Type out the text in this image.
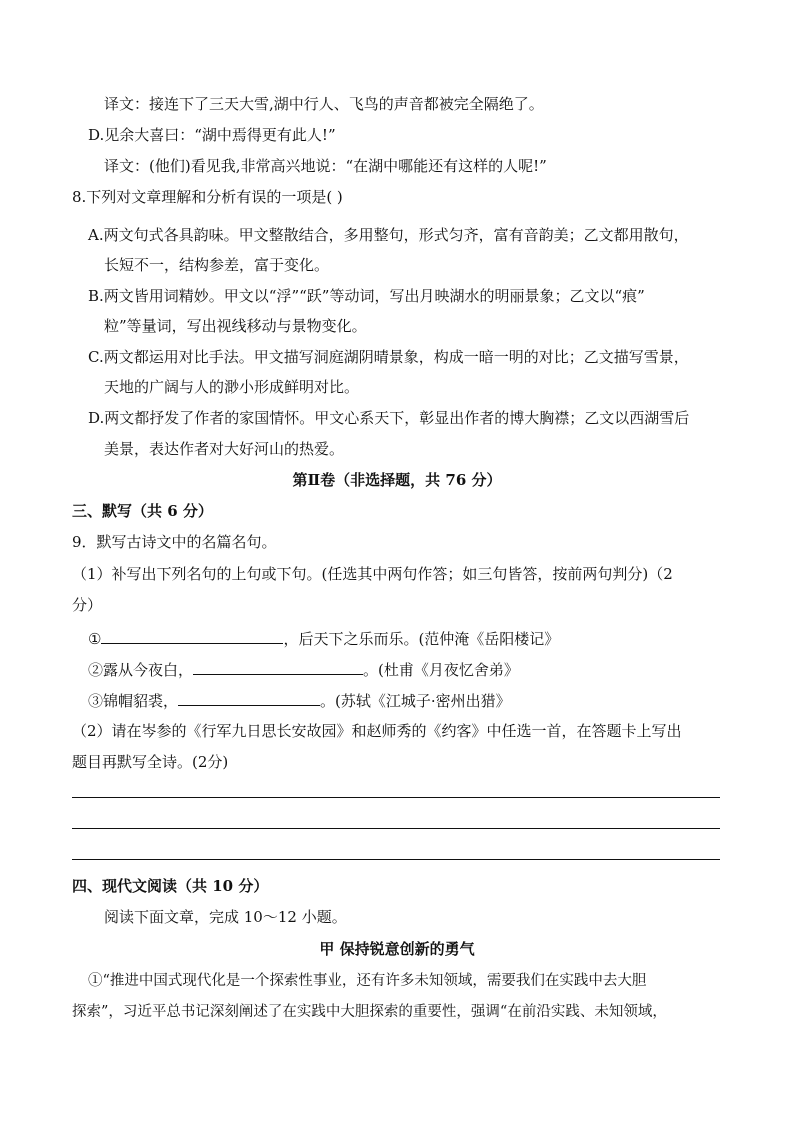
译文：接连下了三天大雪,湖中行人、飞鸟的声音都被完全隔绝了。
D.见余大喜曰：“湖中焉得更有此人!”
译文：(他们)看见我,非常高兴地说：“在湖中哪能还有这样的人呢!”
8.下列对文章理解和分析有误的一项是( )
A.两文句式各具韵味。甲文整散结合，多用整句，形式匀齐，富有音韵美；乙文都用散句，
长短不一，结构参差，富于变化。
B.两文皆用词精妙。甲文以“浮”“跃”等动词，写出月映湖水的明丽景象；乙文以“痕”
粒”等量词，写出视线移动与景物变化。
C.两文都运用对比手法。甲文描写洞庭湖阴晴景象，构成一暗一明的对比；乙文描写雪景，
天地的广阔与人的渺小形成鲜明对比。
D.两文都抒发了作者的家国情怀。甲文心系天下，彰显出作者的博大胸襟；乙文以西湖雪后
美景，表达作者对大好河山的热爱。
第Ⅱ卷（非选择题，共 76 分）
三、默写（共 6 分）
9．默写古诗文中的名篇名句。
（1）补写出下列名句的上句或下句。(任选其中两句作答；如三句皆答，按前两句判分)（2
分）
①	，后天下之乐而乐。(范仲淹《岳阳楼记》
②露从今夜白，	。(杜甫《月夜忆舍弟》
③锦帽貂裘，	。(苏轼《江城子·密州出猎》
（2）请在岑参的《行军九日思长安故园》和赵师秀的《约客》中任选一首，在答题卡上写出
题目再默写全诗。(2分)
四、现代文阅读（共 10 分）
阅读下面文章，完成 10～12 小题。
甲 保持锐意创新的勇气
①“推进中国式现代化是一个探索性事业，还有许多未知领域，需要我们在实践中去大胆
探索”，习近平总书记深刻阐述了在实践中大胆探索的重要性，强调“在前沿实践、未知领域，
